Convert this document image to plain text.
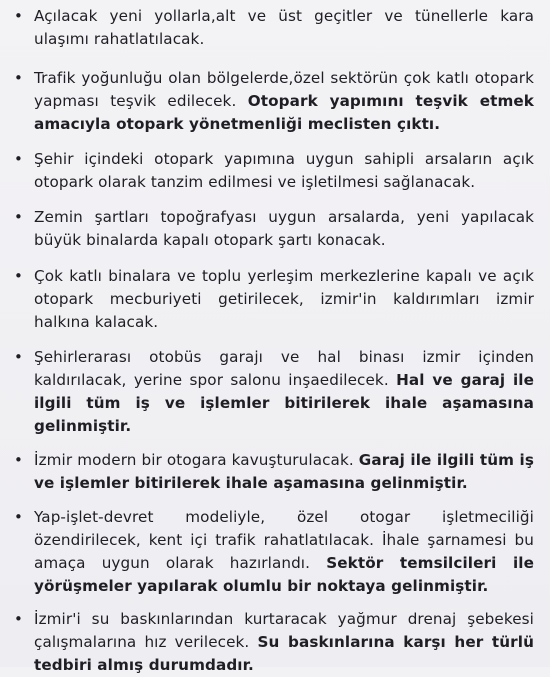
• Açılacak yeni yollarla,alt ve üst geçitler ve tünellerle kara ulaşımı rahatlatılacak.
• Trafik yoğunluğu olan bölgelerde,özel sektörün çok katlı otopark yapması teşvik edilecek. Otopark yapımını teşvik etmek amacıyla otopark yönetmenliği meclisten çıktı.
• Şehir içindeki otopark yapımına uygun sahipli arsaların açık otopark olarak tanzim edilmesi ve işletilmesi sağlanacak.
• Zemin şartları topoğrafyası uygun arsalarda, yeni yapılacak büyük binalarda kapalı otopark şartı konacak.
• Çok katlı binalara ve toplu yerleşim merkezlerine kapalı ve açık otopark mecburiyeti getirilecek, izmir'in kaldırımları izmir halkına kalacak.
• Şehirlerarası otobüs garajı ve hal binası izmir içinden kaldırılacak, yerine spor salonu inşaedilecek. Hal ve garaj ile ilgili tüm iş ve işlemler bitirilerek ihale aşamasına gelinmiştir.
• İzmir modern bir otogara kavuşturulacak. Garaj ile ilgili tüm iş ve işlemler bitirilerek ihale aşamasına gelinmiştir.
• Yap-işlet-devret modeliyle, özel otogar işletmeciliği özendirilecek, kent içi trafik rahatlatılacak. İhale şarnamesi bu amaça uygun olarak hazırlandı. Sektör temsilcileri ile yörüşmeler yapılarak olumlu bir noktaya gelinmiştir.
• İzmir'i su baskınlarından kurtaracak yağmur drenaj şebekesi çalışmalarına hız verilecek. Su baskınlarına karşı her türlü tedbiri almış durumdadır.
